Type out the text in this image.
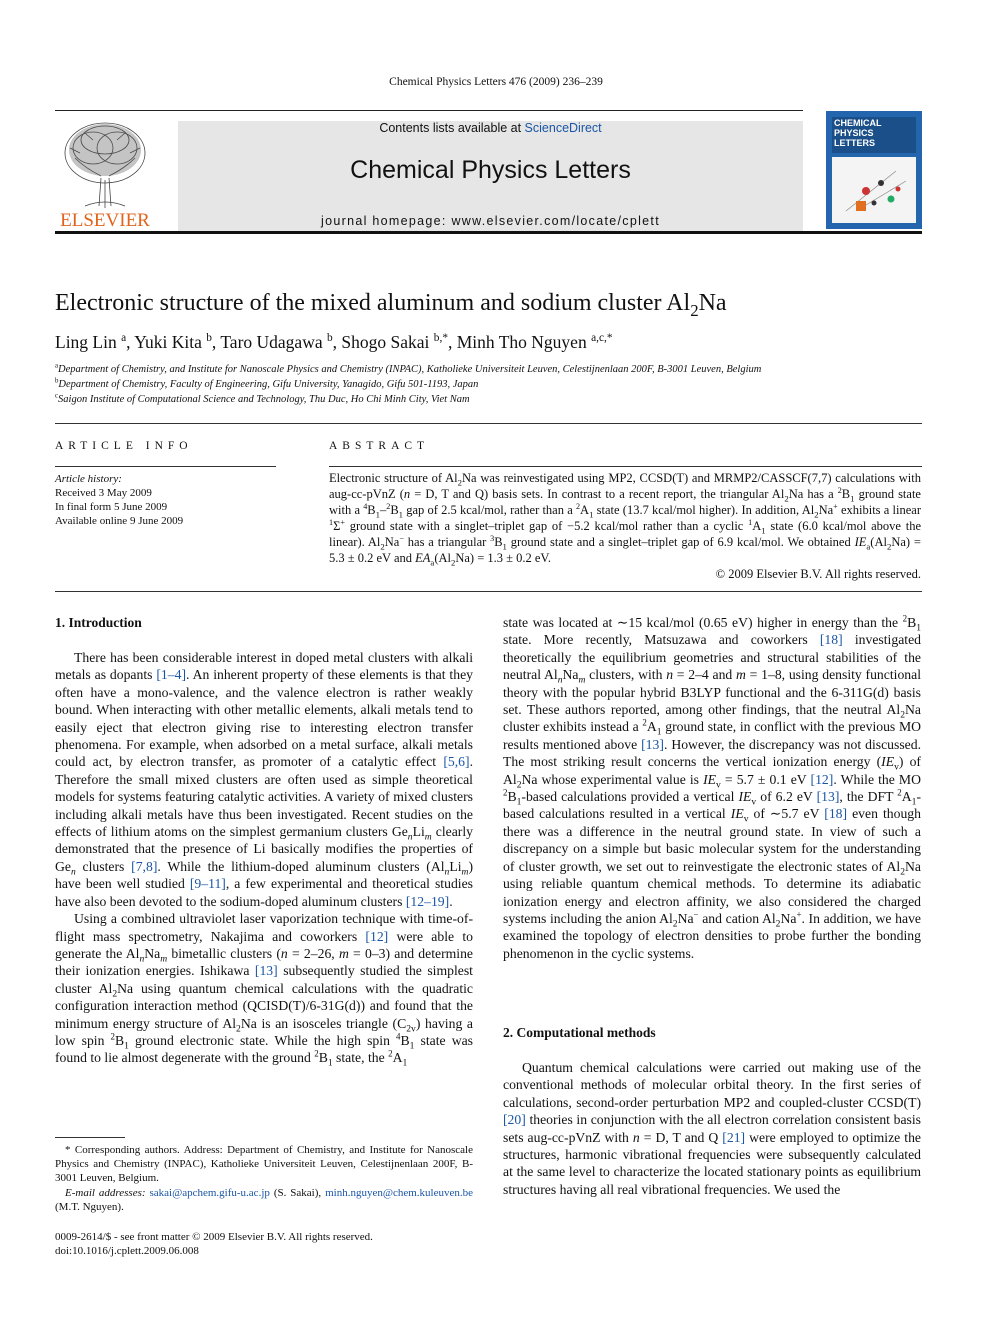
Chemical Physics Letters 476 (2009) 236–239
ELSEVIER
Contents lists available at ScienceDirect
Chemical Physics Letters
journal homepage: www.elsevier.com/locate/cplett
CHEMICAL PHYSICS LETTERS
Electronic structure of the mixed aluminum and sodium cluster $Al_2Na$
Ling Lin $^a$, Yuki Kita $^b$, Taro Udagawa $^b$, Shogo Sakai $^{b,*}$, Minh Tho Nguyen $^{a,c,*}$
$^a$Department of Chemistry, and Institute for Nanoscale Physics and Chemistry (INPAC), Katholieke Universiteit Leuven, Celestijnenlaan 200F, B-3001 Leuven, Belgium
$^b$Department of Chemistry, Faculty of Engineering, Gifu University, Yanagido, Gifu 501-1193, Japan
$^c$Saigon Institute of Computational Science and Technology, Thu Duc, Ho Chi Minh City, Viet Nam
ARTICLE INFO
Article history:
Received 3 May 2009
In final form 5 June 2009
Available online 9 June 2009
ABSTRACT
Electronic structure of $Al_2Na$ was reinvestigated using MP2, CCSD(T) and MRMP2/CASSCF(7,7) calculations with aug-cc-pVnZ (n = D, T and Q) basis sets. In contrast to a recent report, the triangular $Al_2Na$ has a $^2B_1$ ground state with a $^4B_1-^2B_1$ gap of 2.5 kcal/mol, rather than a $^2A_1$ state (13.7 kcal/mol higher). In addition, $Al_2Na^+$ exhibits a linear $^1$Σ+ ground state with a singlet–triplet gap of −5.2 kcal/mol rather than a cyclic $^1A_1$ state (6.0 kcal/mol above the linear). $Al_2Na^-$ has a triangular $^3B_1$ ground state and a singlet–triplet gap of 6.9 kcal/mol. We obtained $IE_a(Al_2Na) = 5.3 \pm 0.2$ eV and $EA_a(Al_2Na) = 1.3 \pm 0.2$ eV.
© 2009 Elsevier B.V. All rights reserved.
1. Introduction

There has been considerable interest in doped metal clusters with alkali metals as dopants [1–4]. An inherent property of these elements is that they often have a mono-valence, and the valence electron is rather weakly bound. When interacting with other metallic elements, alkali metals tend to easily eject that electron giving rise to interesting electron transfer phenomena. For example, when adsorbed on a metal surface, alkali metals could act, by electron transfer, as promoter of a catalytic effect [5,6]. Therefore the small mixed clusters are often used as simple theoretical models for systems featuring catalytic activities. A variety of mixed clusters including alkali metals have thus been investigated. Recent studies on the effects of lithium atoms on the simplest germanium clusters $Ge_nLi_m$ clearly demonstrated that the presence of Li basically modifies the properties of $Ge_n$ clusters [7,8]. While the lithium-doped aluminum clusters $(Al_nLi_m)$ have been well studied [9–11], a few experimental and theoretical studies have also been devoted to the sodium-doped aluminum clusters [12–19].

Using a combined ultraviolet laser vaporization technique with time-of-flight mass spectrometry, Nakajima and coworkers [12] were able to generate the $Al_nNa_m$ bimetallic clusters (n = 2–26, m = 0–3) and determine their ionization energies. Ishikawa [13] subsequently studied the simplest cluster $Al_2Na$ using quantum chemical calculations with the quadratic configuration interaction method (QCISD(T)/6-31G(d)) and found that the minimum energy structure of $Al_2Na$ is an isosceles triangle $(C_{2v})$ having a low spin $^2B_1$ ground electronic state. While the high spin $^4B_1$ state was found to lie almost degenerate with the ground $^2B_1$ state, the $^2A_1$

* Corresponding authors. Address: Department of Chemistry, and Institute for Nanoscale Physics and Chemistry (INPAC), Katholieke Universiteit Leuven, Celestijnenlaan 200F, B-3001 Leuven, Belgium.

E-mail addresses: sakai@apchem.gifu-u.ac.jp (S. Sakai), minh.nguyen@chem.kuleuven.be (M.T. Nguyen).

0009-2614/$ - see front matter © 2009 Elsevier B.V. All rights reserved.
doi:10.1016/j.cplett.2009.06.008

state was located at ∼15 kcal/mol (0.65 eV) higher in energy than the $^2B_1$ state. More recently, Matsuzawa and coworkers [18] investigated theoretically the equilibrium geometries and structural stabilities of the neutral $Al_nNa_m$ clusters, with n = 2–4 and m = 1–8, using density functional theory with the popular hybrid B3LYP functional and the 6-311G(d) basis set. These authors reported, among other findings, that the neutral $Al_2Na$ cluster exhibits instead a $^2A_1$ ground state, in conflict with the previous MO results mentioned above [13]. However, the discrepancy was not discussed. The most striking result concerns the vertical ionization energy $(IE_v)$ of $Al_2Na$ whose experimental value is $IE_v = 5.7 \pm 0.1$ eV [12]. While the MO $^2B_1$-based calculations provided a vertical $IE_v$ of 6.2 eV [13], the DFT $^2A_1$-based calculations resulted in a vertical $IE_v$ of ∼5.7 eV [18] even though there was a difference in the neutral ground state. In view of such a discrepancy on a simple but basic molecular system for the understanding of cluster growth, we set out to reinvestigate the electronic states of $Al_2Na$ using reliable quantum chemical methods. To determine its adiabatic ionization energy and electron affinity, we also considered the charged systems including the anion $Al_2Na^-$ and cation $Al_2Na^+$. In addition, we have examined the topology of electron densities to probe further the bonding phenomenon in the cyclic systems.

2. Computational methods

Quantum chemical calculations were carried out making use of the conventional methods of molecular orbital theory. In the first series of calculations, second-order perturbation MP2 and coupled-cluster CCSD(T) [20] theories in conjunction with the all electron correlation consistent basis sets aug-cc-pVnZ with n = D, T and Q [21] were employed to optimize the structures, harmonic vibrational frequencies were subsequently calculated at the same level to characterize the located stationary points as equilibrium structures having all real vibrational frequencies. We used the
